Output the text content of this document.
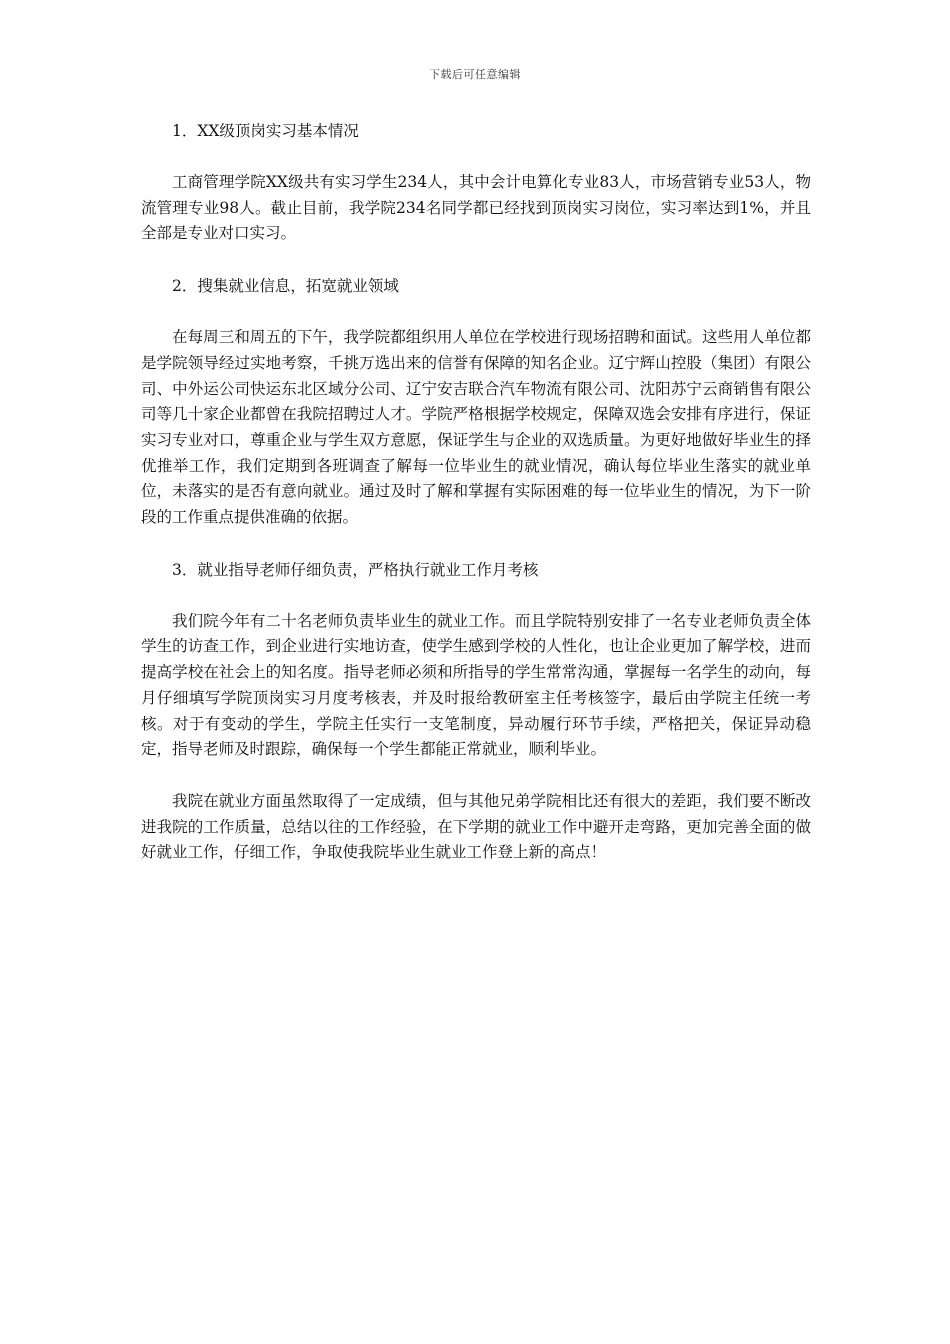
下载后可任意编辑

1．XX级顶岗实习基本情况

工商管理学院XX级共有实习学生234人，其中会计电算化专业83人，市场营销专业53人，物流管理专业98人。截止目前，我学院234名同学都已经找到顶岗实习岗位，实习率达到1%，并且全部是专业对口实习。

2．搜集就业信息，拓宽就业领域

在每周三和周五的下午，我学院都组织用人单位在学校进行现场招聘和面试。这些用人单位都是学院领导经过实地考察，千挑万选出来的信誉有保障的知名企业。辽宁辉山控股（集团）有限公司、中外运公司快运东北区域分公司、辽宁安吉联合汽车物流有限公司、沈阳苏宁云商销售有限公司等几十家企业都曾在我院招聘过人才。学院严格根据学校规定，保障双选会安排有序进行，保证实习专业对口，尊重企业与学生双方意愿，保证学生与企业的双选质量。为更好地做好毕业生的择优推举工作，我们定期到各班调查了解每一位毕业生的就业情况，确认每位毕业生落实的就业单位，未落实的是否有意向就业。通过及时了解和掌握有实际困难的每一位毕业生的情况，为下一阶段的工作重点提供准确的依据。

3．就业指导老师仔细负责，严格执行就业工作月考核

我们院今年有二十名老师负责毕业生的就业工作。而且学院特别安排了一名专业老师负责全体学生的访查工作，到企业进行实地访查，使学生感到学校的人性化，也让企业更加了解学校，进而提高学校在社会上的知名度。指导老师必须和所指导的学生常常沟通，掌握每一名学生的动向，每月仔细填写学院顶岗实习月度考核表，并及时报给教研室主任考核签字，最后由学院主任统一考核。对于有变动的学生，学院主任实行一支笔制度，异动履行环节手续，严格把关，保证异动稳定，指导老师及时跟踪，确保每一个学生都能正常就业，顺利毕业。

我院在就业方面虽然取得了一定成绩，但与其他兄弟学院相比还有很大的差距，我们要不断改进我院的工作质量，总结以往的工作经验，在下学期的就业工作中避开走弯路，更加完善全面的做好就业工作，仔细工作，争取使我院毕业生就业工作登上新的高点！
